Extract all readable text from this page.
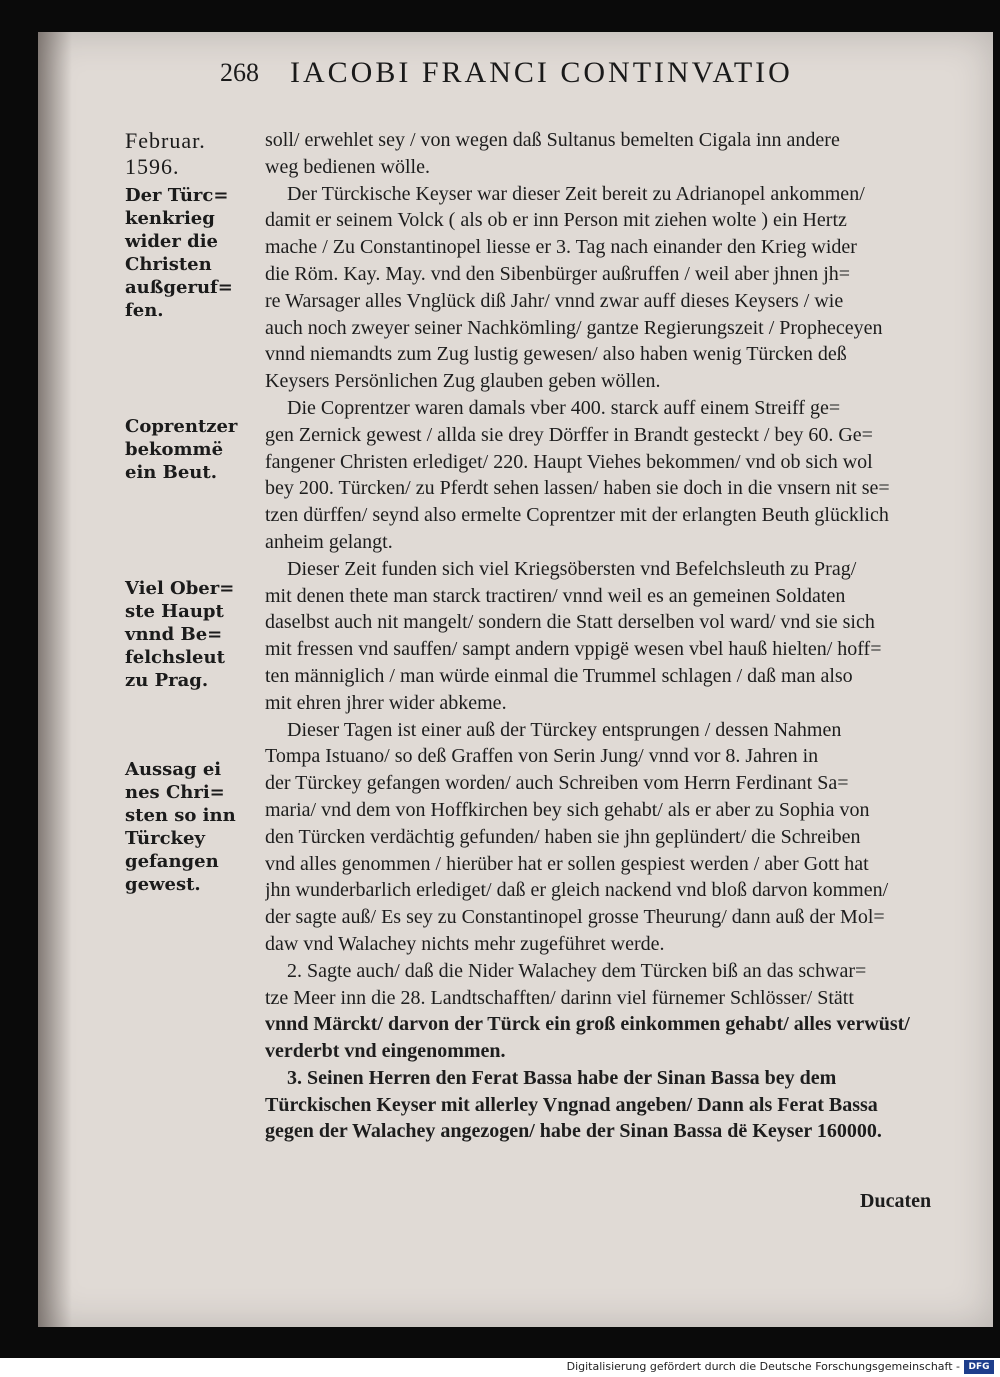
268 IACOBI FRANCI CONTINVATIO
Februar.
1596.
Der Türc=
kenkrieg
wider die
Christen
außgeruf=
fen.
Coprentzer
bekommë
ein Beut.
Viel Ober=
ste Haupt
vnnd Be=
felchsleut
zu Prag.
Aussag ei
nes Chri=
sten so inn
Türckey
gefangen
gewest.
soll/ erwehlet sey / von wegen daß Sultanus bemelten Cigala inn andere
weg bedienen wölle.
Der Türckische Keyser war dieser Zeit bereit zu Adrianopel ankommen/
damit er seinem Volck ( als ob er inn Person mit ziehen wolte ) ein Hertz
mache / Zu Constantinopel liesse er 3. Tag nach einander den Krieg wider
die Röm. Kay. May. vnd den Sibenbürger außruffen / weil aber jhnen jh=
re Warsager alles Vnglück diß Jahr/ vnnd zwar auff dieses Keysers / wie
auch noch zweyer seiner Nachkömling/ gantze Regierungszeit / Propheceyen
vnnd niemandts zum Zug lustig gewesen/ also haben wenig Türcken deß
Keysers Persönlichen Zug glauben geben wöllen.
Die Coprentzer waren damals vber 400. starck auff einem Streiff ge=
gen Zernick gewest / allda sie drey Dörffer in Brandt gesteckt / bey 60. Ge=
fangener Christen erlediget/ 220. Haupt Viehes bekommen/ vnd ob sich wol
bey 200. Türcken/ zu Pferdt sehen lassen/ haben sie doch in die vnsern nit se=
tzen dürffen/ seynd also ermelte Coprentzer mit der erlangten Beuth glücklich
anheim gelangt.
Dieser Zeit funden sich viel Kriegsöbersten vnd Befelchsleuth zu Prag/
mit denen thete man starck tractiren/ vnnd weil es an gemeinen Soldaten
daselbst auch nit mangelt/ sondern die Statt derselben vol ward/ vnd sie sich
mit fressen vnd sauffen/ sampt andern vppigë wesen vbel hauß hielten/ hoff=
ten männiglich / man würde einmal die Trummel schlagen / daß man also
mit ehren jhrer wider abkeme.
Dieser Tagen ist einer auß der Türckey entsprungen / dessen Nahmen
Tompa Istuano/ so deß Graffen von Serin Jung/ vnnd vor 8. Jahren in
der Türckey gefangen worden/ auch Schreiben vom Herrn Ferdinant Sa=
maria/ vnd dem von Hoffkirchen bey sich gehabt/ als er aber zu Sophia von
den Türcken verdächtig gefunden/ haben sie jhn geplündert/ die Schreiben
vnd alles genommen / hierüber hat er sollen gespiest werden / aber Gott hat
jhn wunderbarlich erlediget/ daß er gleich nackend vnd bloß darvon kommen/
der sagte auß/ Es sey zu Constantinopel grosse Theurung/ dann auß der Mol=
daw vnd Walachey nichts mehr zugeführet werde.
2. Sagte auch/ daß die Nider Walachey dem Türcken biß an das schwar=
tze Meer inn die 28. Landtschafften/ darinn viel fürnemer Schlösser/ Stätt
vnnd Märckt/ darvon der Türck ein groß einkommen gehabt/ alles verwüst/
verderbt vnd eingenommen.
3. Seinen Herren den Ferat Bassa habe der Sinan Bassa bey dem
Türckischen Keyser mit allerley Vngnad angeben/ Dann als Ferat Bassa
gegen der Walachey angezogen/ habe der Sinan Bassa dë Keyser 160000.
Ducaten
Digitalisierung gefördert durch die Deutsche Forschungsgemeinschaft - DFG
